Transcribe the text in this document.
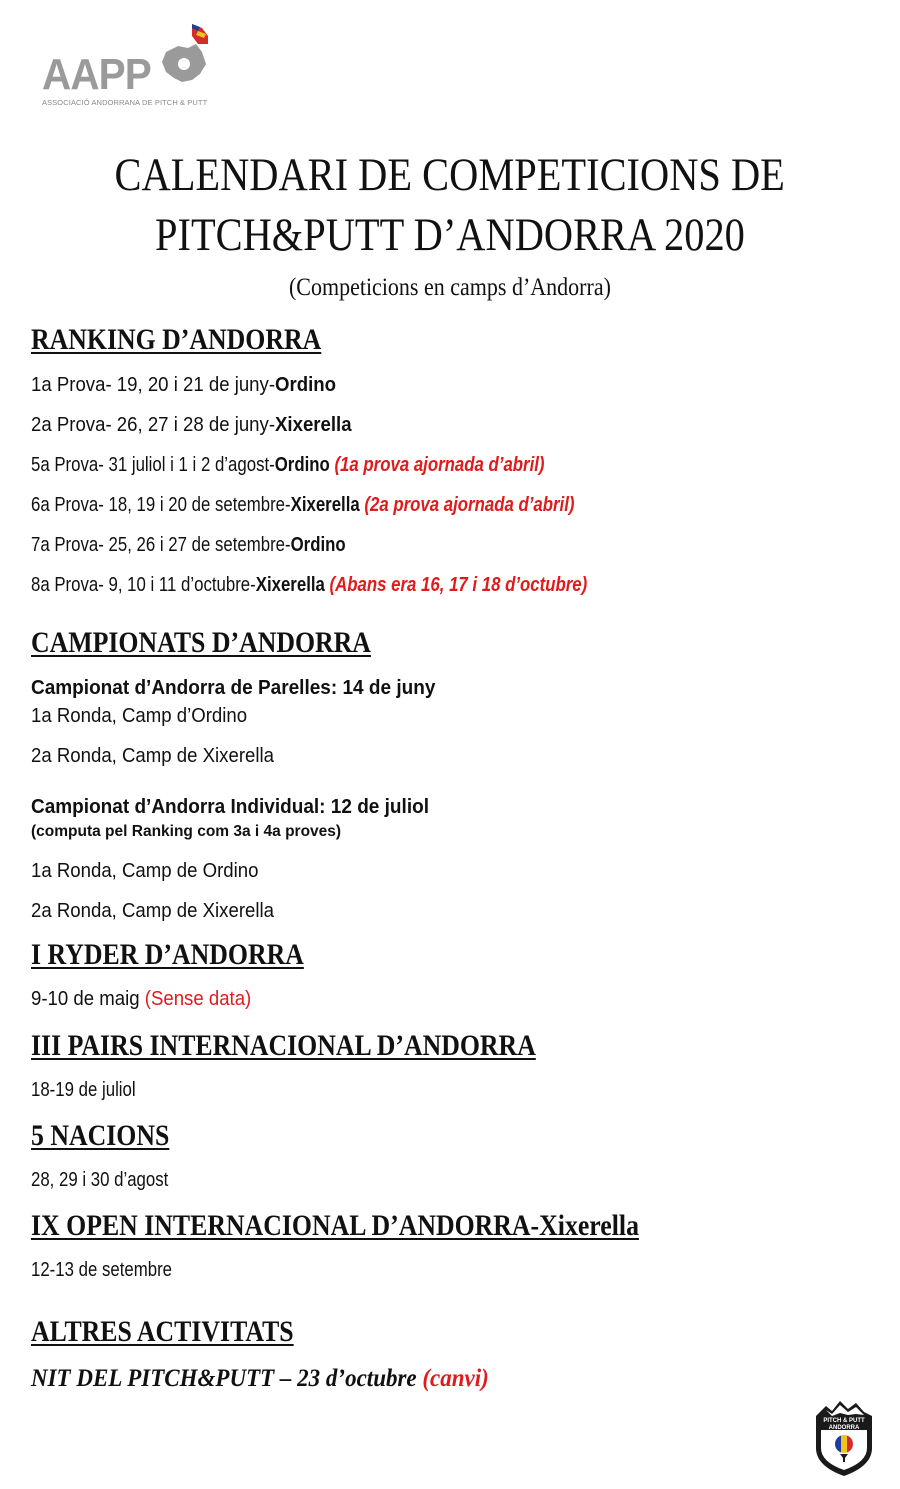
AAPP
ASSOCIACIÓ ANDORRANA DE PITCH & PUTT
CALENDARI DE COMPETICIONS DE
PITCH&PUTT D’ANDORRA 2020
(Competicions en camps d’Andorra)
RANKING D’ANDORRA
1a Prova- 19, 20 i 21 de juny-Ordino
2a Prova- 26, 27 i 28 de juny-Xixerella
5a Prova- 31 juliol i 1 i 2 d’agost-Ordino (1a prova ajornada d’abril)
6a Prova- 18, 19 i 20 de setembre-Xixerella (2a prova ajornada d’abril)
7a Prova- 25, 26 i 27 de setembre-Ordino
8a Prova- 9, 10 i 11 d’octubre-Xixerella (Abans era 16, 17 i 18 d’octubre)
CAMPIONATS D’ANDORRA
Campionat d’Andorra de Parelles: 14 de juny
1a Ronda, Camp d’Ordino
2a Ronda, Camp de Xixerella
Campionat d’Andorra Individual: 12 de juliol
(computa pel Ranking com 3a i 4a proves)
1a Ronda, Camp de Ordino
2a Ronda, Camp de Xixerella
I RYDER D’ANDORRA
9-10 de maig (Sense data)
III PAIRS INTERNACIONAL D’ANDORRA
18-19 de juliol
5 NACIONS
28, 29 i 30 d’agost
IX OPEN INTERNACIONAL D’ANDORRA-Xixerella
12-13 de setembre
ALTRES ACTIVITATS
NIT DEL PITCH&PUTT – 23 d’octubre (canvi)
PITCH & PUTT
ANDORRA
